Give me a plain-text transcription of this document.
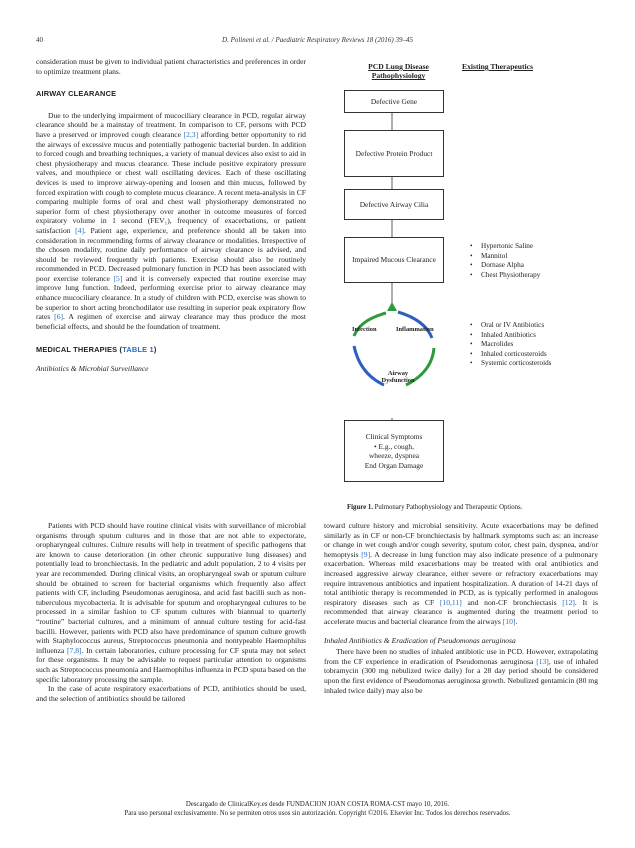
40	D. Polineni et al. / Paediatric Respiratory Reviews 18 (2016) 39–45

consideration must be given to individual patient characteristics and preferences in order to optimize treatment plans.

AIRWAY CLEARANCE

Due to the underlying impairment of mucociliary clearance in PCD, regular airway clearance should be a mainstay of treatment. In comparison to CF, persons with PCD have a preserved or improved cough clearance [2,3] affording better opportunity to rid the airways of excessive mucus and potentially pathogenic bacterial burden. In addition to forced cough and breathing techniques, a variety of manual devices also exist to aid in chest physiotherapy and mucus clearance. These include positive expiratory pressure valves, and mouthpiece or chest wall oscillating devices. Each of these oscillating devices is used to improve airway-opening and loosen and thin mucus, followed by forced expiration with cough to complete mucus clearance. A recent meta-analysis in CF comparing multiple forms of oral and chest wall physiotherapy demonstrated no superior form of chest physiotherapy over another in outcome measures of forced expiratory volume in 1 second (FEV₁), frequency of exacerbations, or patient satisfaction [4]. Patient age, experience, and preference should all be taken into consideration in recommending forms of airway clearance or modalities. Irrespective of the chosen modality, routine daily performance of airway clearance is advised, and should be reviewed frequently with patients. Exercise should also be routinely recommended in PCD. Decreased pulmonary function in PCD has been associated with poor exercise tolerance [5] and it is conversely expected that routine exercise may improve lung function. Indeed, performing exercise prior to airway clearance may enhance mucociliary clearance. In a study of children with PCD, exercise was shown to be superior to short acting bronchodilator use resulting in superior peak expiratory flow rates [6]. A regimen of exercise and airway clearance may thus produce the most beneficial effects, and should be the foundation of treatment.

MEDICAL THERAPIES (TABLE 1)

Antibiotics & Microbial Surveillance

Patients with PCD should have routine clinical visits with surveillance of microbial organisms through sputum cultures and in those that are not able to expectorate, oropharyngeal cultures. Culture results will help in treatment of specific pathogens that are known to cause deterioration (in other chronic suppurative lung diseases) and potentially lead to bronchiectasis. In the pediatric and adult population, 2 to 4 visits per year are recommended. During clinical visits, an oropharyngeal swab or sputum culture should be obtained to screen for bacterial organisms which frequently also affect patients with CF, including Pseudomonas aeruginosa, and acid fast bacilli such as non-tuberculous mycobacteria. It is advisable for sputum and oropharyngeal cultures to be processed in a similar fashion to CF sputum cultures with biannual to quarterly “routine” bacterial cultures, and a minimum of annual culture testing for acid-fast bacilli. However, patients with PCD also have predominance of sputum culture growth with Staphylococcus aureus, Streptococcus pneumonia and nontypeable Haemophilus influenza [7,8]. In certain laboratories, culture processing for CF sputa may not select for these organisms. It may be advisable to request particular attention to organisms such as Streptococcus pneumonia and Haemophilus influenza in PCD sputa based on the specific laboratory processing the sample.

In the case of acute respiratory exacerbations of PCD, antibiotics should be used, and the selection of antibiotics should be tailored

toward culture history and microbial sensitivity. Acute exacerbations may be defined similarly as in CF or non-CF bronchiectasis by hallmark symptoms such as: an increase or change in wet cough and/or cough severity, sputum color, chest pain, dyspnea, and/or hemoptysis [9]. A decrease in lung function may also indicate presence of a pulmonary exacerbation. Whereas mild exacerbations may be treated with oral antibiotics and increased aggressive airway clearance, either severe or refractory exacerbations may require intravenous antibiotics and inpatient hospitalization. A duration of 14-21 days of total antibiotic therapy is recommended in PCD, as is typically performed in analogous respiratory diseases such as CF [10,11] and non-CF bronchiectasis [12]. It is recommended that airway clearance is augmented during the treatment period to accelerate mucus and bacterial clearance from the airways [10].

Inhaled Antibiotics & Eradication of Pseudomonas aeruginosa

There have been no studies of inhaled antibiotic use in PCD. However, extrapolating from the CF experience in eradication of Pseudomonas aeruginosa [13], use of inhaled tobramycin (300 mg nebulized twice daily) for a 28 day period should be considered upon the first evidence of Pseudomonas aeruginosa growth. Nebulized gentamicin (80 mg inhaled twice daily) may also be

PCD Lung Disease Pathophysiology
Existing Therapeutics
Defective Gene
Defective Protein Product
Defective Airway Cilia
Impaired Mucous Clearance
Infection	Inflammation
Airway Dysfunction
Clinical Symptoms
• E.g., cough, wheeze, dyspnea
End Organ Damage
• Hypertonic Saline
• Mannitol
• Dornase Alpha
• Chest Physiotherapy
• Oral or IV Antibiotics
• Inhaled Antibiotics
• Macrolides
• Inhaled corticosteroids
• Systemic corticosteroids
Figure 1. Pulmonary Pathophysiology and Therapeutic Options.
Descargado de ClinicalKey.es desde FUNDACION JOAN COSTA ROMA-CST mayo 10, 2016.
Para uso personal exclusivamente. No se permiten otros usos sin autorización. Copyright ©2016. Elsevier Inc. Todos los derechos reservados.
